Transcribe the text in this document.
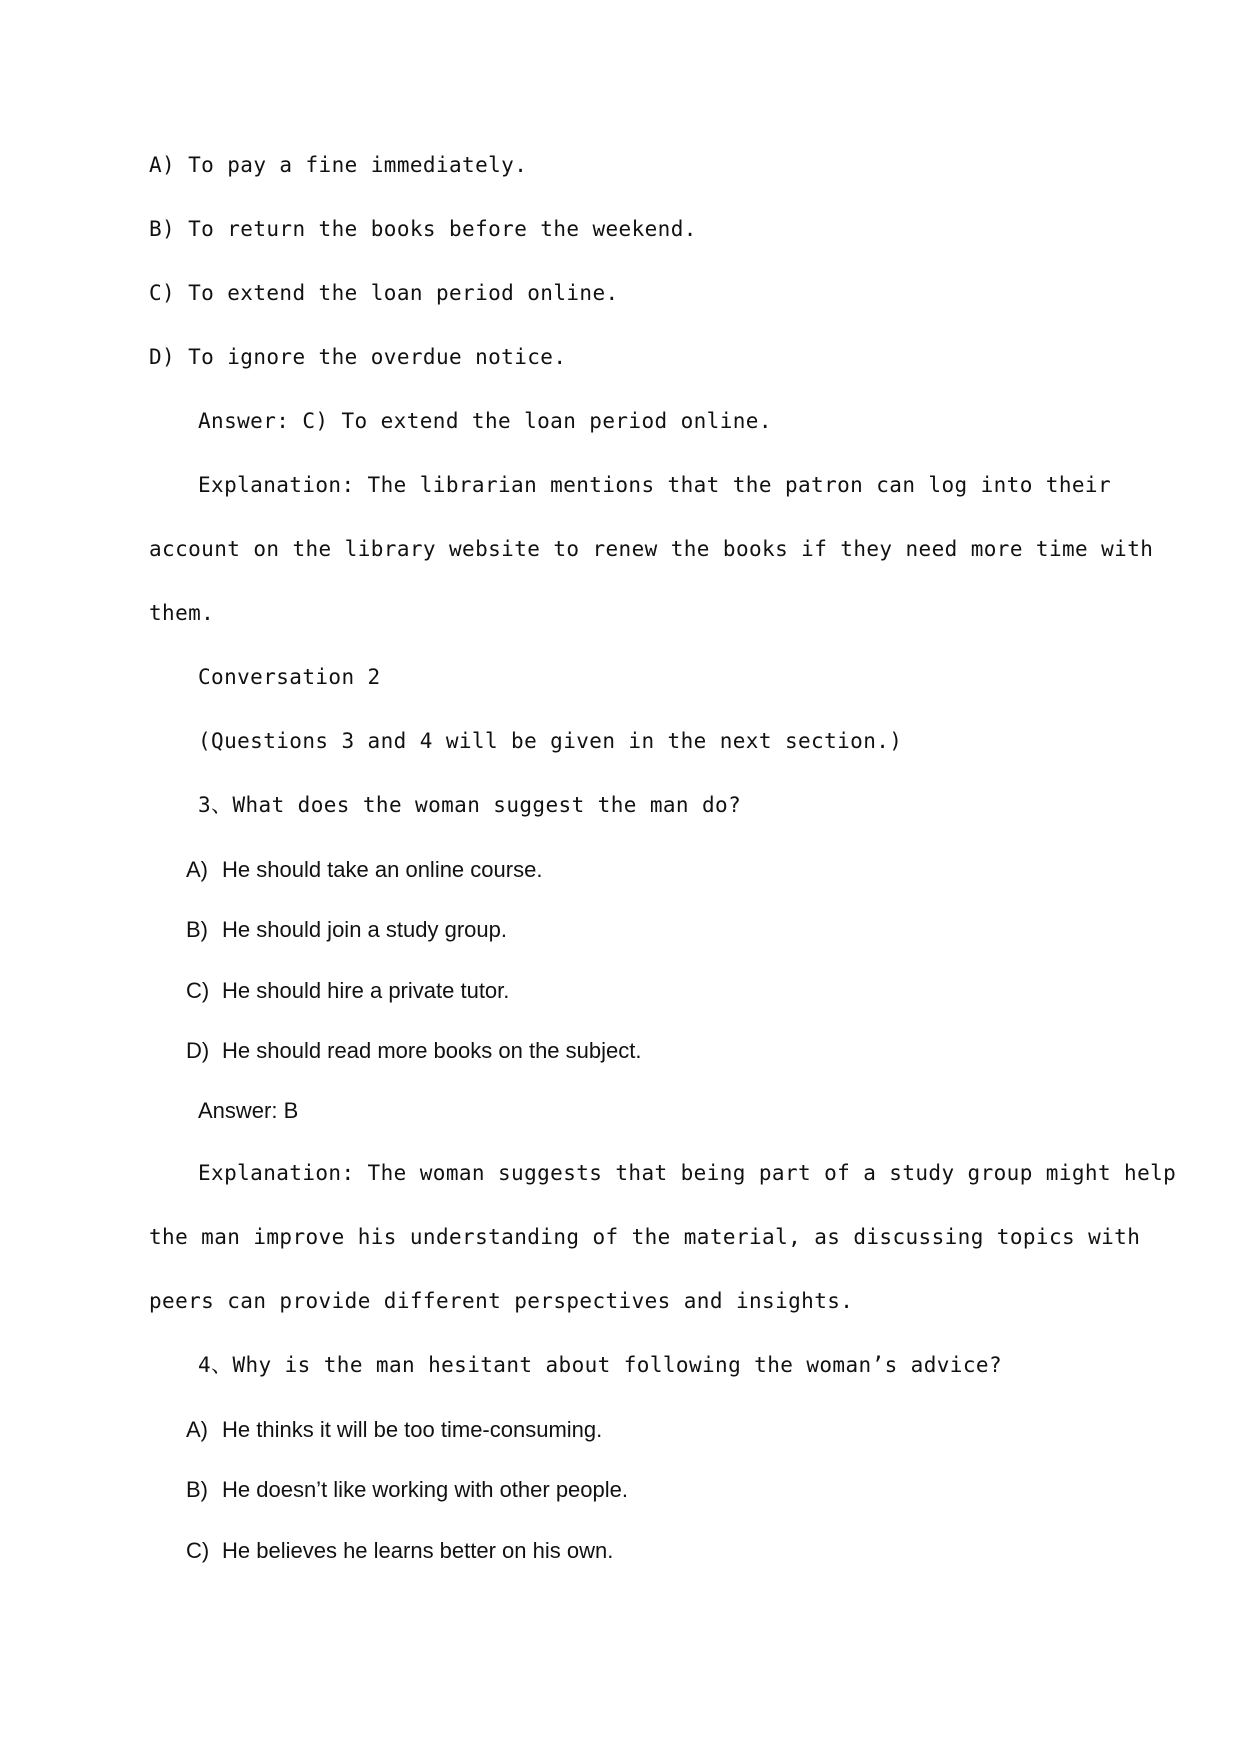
A) To pay a fine immediately.
B) To return the books before the weekend.
C) To extend the loan period online.
D) To ignore the overdue notice.
Answer: C) To extend the loan period online.
Explanation: The librarian mentions that the patron can log into their
account on the library website to renew the books if they need more time with
them.
Conversation 2
(Questions 3 and 4 will be given in the next section.)
3、What does the woman suggest the man do?
A) He should take an online course.
B) He should join a study group.
C) He should hire a private tutor.
D) He should read more books on the subject.
Answer: B
Explanation: The woman suggests that being part of a study group might help
the man improve his understanding of the material, as discussing topics with
peers can provide different perspectives and insights.
4、Why is the man hesitant about following the woman’s advice?
A) He thinks it will be too time-consuming.
B) He doesn’t like working with other people.
C) He believes he learns better on his own.
